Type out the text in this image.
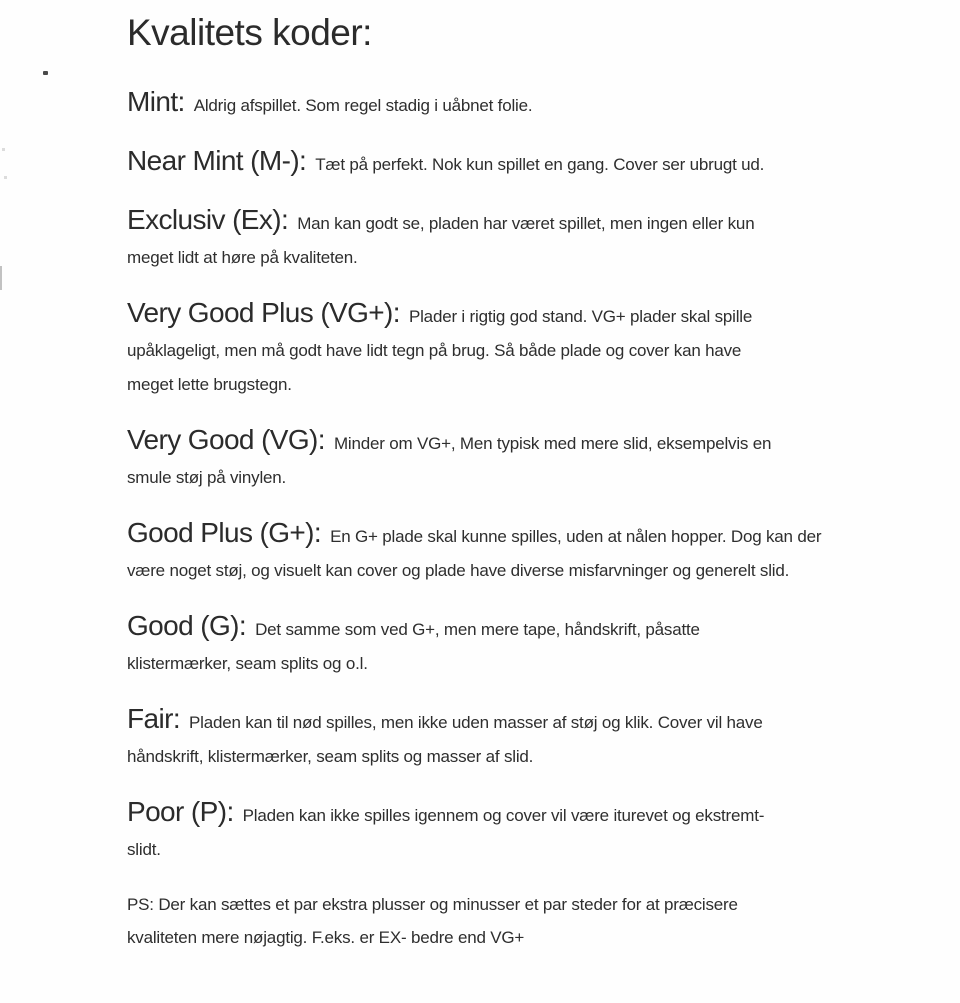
Kvalitets koder:

Mint: Aldrig afspillet. Som regel stadig i uåbnet folie.

Near Mint (M-): Tæt på perfekt. Nok kun spillet en gang. Cover ser ubrugt ud.

Exclusiv (Ex): Man kan godt se, pladen har været spillet, men ingen eller kun
meget lidt at høre på kvaliteten.

Very Good Plus (VG+): Plader i rigtig god stand. VG+ plader skal spille
upåklageligt, men må godt have lidt tegn på brug. Så både plade og cover kan have
meget lette brugstegn.

Very Good (VG): Minder om VG+, Men typisk med mere slid, eksempelvis en
smule støj på vinylen.

Good Plus (G+): En G+ plade skal kunne spilles, uden at nålen hopper. Dog kan der
være noget støj, og visuelt kan cover og plade have diverse misfarvninger og generelt slid.

Good (G): Det samme som ved G+, men mere tape, håndskrift, påsatte
klistermærker, seam splits og o.l.

Fair: Pladen kan til nød spilles, men ikke uden masser af støj og klik. Cover vil have
håndskrift, klistermærker, seam splits og masser af slid.

Poor (P): Pladen kan ikke spilles igennem og cover vil være iturevet og ekstremt-
slidt.

PS: Der kan sættes et par ekstra plusser og minusser et par steder for at præcisere
kvaliteten mere nøjagtig. F.eks. er EX- bedre end VG+
